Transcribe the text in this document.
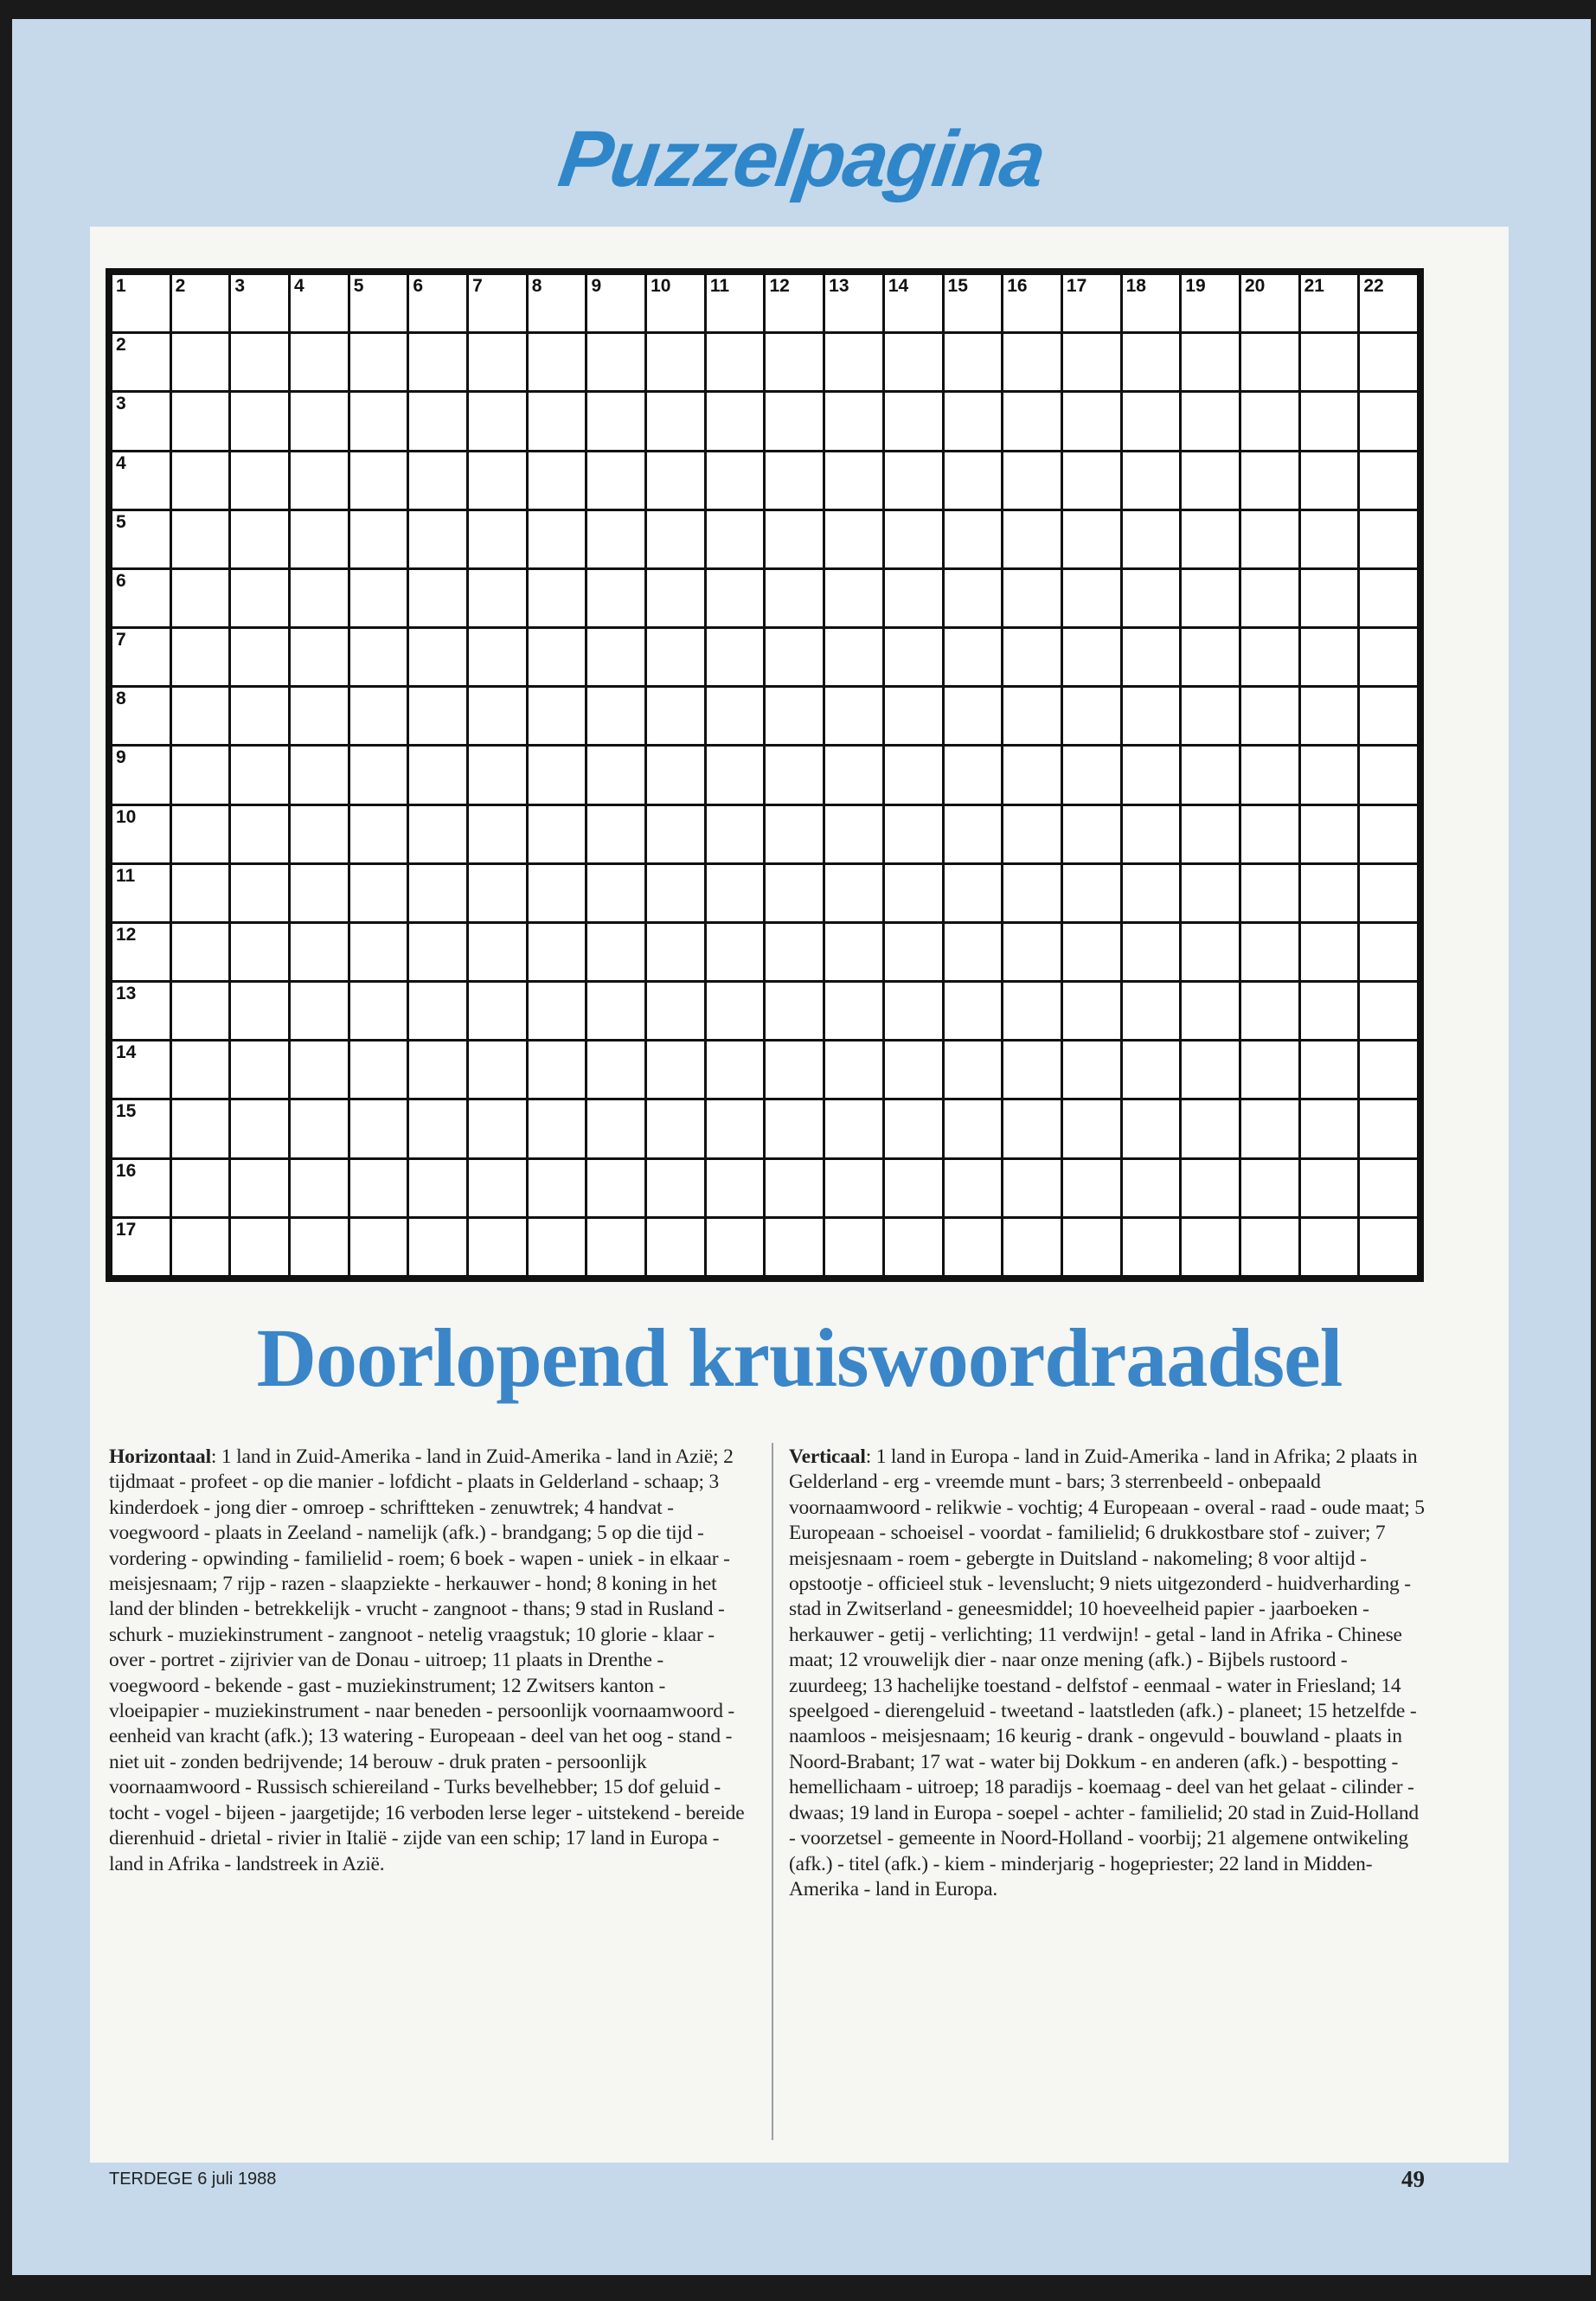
Puzzelpagina
1	2	3	4	5	6	7	8	9	10 11 12 13 14 15 16 17 18 19 20 21 22
2
3
4
5
6
7
8
9
10
11
12
13
14
15
16
17
Doorlopend kruiswoordraadsel
Horizontaal: 1 land in Zuid-Amerika - land in Zuid-Amerika - land in Azië; 2 tijdmaat - profeet - op die manier - lofdicht - plaats in Gelderland - schaap; 3 kinderdoek - jong dier - omroep - schriftteken - zenuwtrek; 4 handvat - voegwoord - plaats in Zeeland - namelijk (afk.) - brandgang; 5 op die tijd - vordering - opwinding - familielid - roem; 6 boek - wapen - uniek - in elkaar - meisjesnaam; 7 rijp - razen - slaapziekte - herkauwer - hond; 8 koning in het land der blinden - betrekkelijk - vrucht - zangnoot - thans; 9 stad in Rusland - schurk - muziekinstrument - zangnoot - netelig vraagstuk; 10 glorie - klaar - over - portret - zijrivier van de Donau - uitroep; 11 plaats in Drenthe - voegwoord - bekende - gast - muziekinstrument; 12 Zwitsers kanton - vloeipapier - muziekinstrument - naar beneden - persoonlijk voornaamwoord - eenheid van kracht (afk.); 13 watering - Europeaan - deel van het oog - stand - niet uit - zonden bedrijvende; 14 berouw - druk praten - persoonlijk voornaamwoord - Russisch schiereiland - Turks bevelhebber; 15 dof geluid - tocht - vogel - bijeen - jaargetijde; 16 verboden lerse leger - uitstekend - bereide dierenhuid - drietal - rivier in Italië - zijde van een schip; 17 land in Europa - land in Afrika - landstreek in Azië.
Verticaal: 1 land in Europa - land in Zuid-Amerika - land in Afrika; 2 plaats in Gelderland - erg - vreemde munt - bars; 3 sterrenbeeld - onbepaald voornaamwoord - relikwie - vochtig; 4 Europeaan - overal - raad - oude maat; 5 Europeaan - schoeisel - voordat - familielid; 6 drukkostbare stof - zuiver; 7 meisjesnaam - roem - gebergte in Duitsland - nakomeling; 8 voor altijd - opstootje - officieel stuk - levenslucht; 9 niets uitgezonderd - huidverharding - stad in Zwitserland - geneesmiddel; 10 hoeveelheid papier - jaarboeken - herkauwer - getij - verlichting; 11 verdwijn! - getal - land in Afrika - Chinese maat; 12 vrouwelijk dier - naar onze mening (afk.) - Bijbels rustoord - zuurdeeg; 13 hachelijke toestand - delfstof - eenmaal - water in Friesland; 14 speelgoed - dierengeluid - tweetand - laatstleden (afk.) - planeet; 15 hetzelfde - naamloos - meisjesnaam; 16 keurig - drank - ongevuld - bouwland - plaats in Noord-Brabant; 17 wat - water bij Dokkum - en anderen (afk.) - bespotting - hemellichaam - uitroep; 18 paradijs - koemaag - deel van het gelaat - cilinder - dwaas; 19 land in Europa - soepel - achter - familielid; 20 stad in Zuid-Holland - voorzetsel - gemeente in Noord-Holland - voorbij; 21 algemene ontwikeling (afk.) - titel (afk.) - kiem - minderjarig - hogepriester; 22 land in Midden-Amerika - land in Europa.
TERDEGE 6 juli 1988	49
